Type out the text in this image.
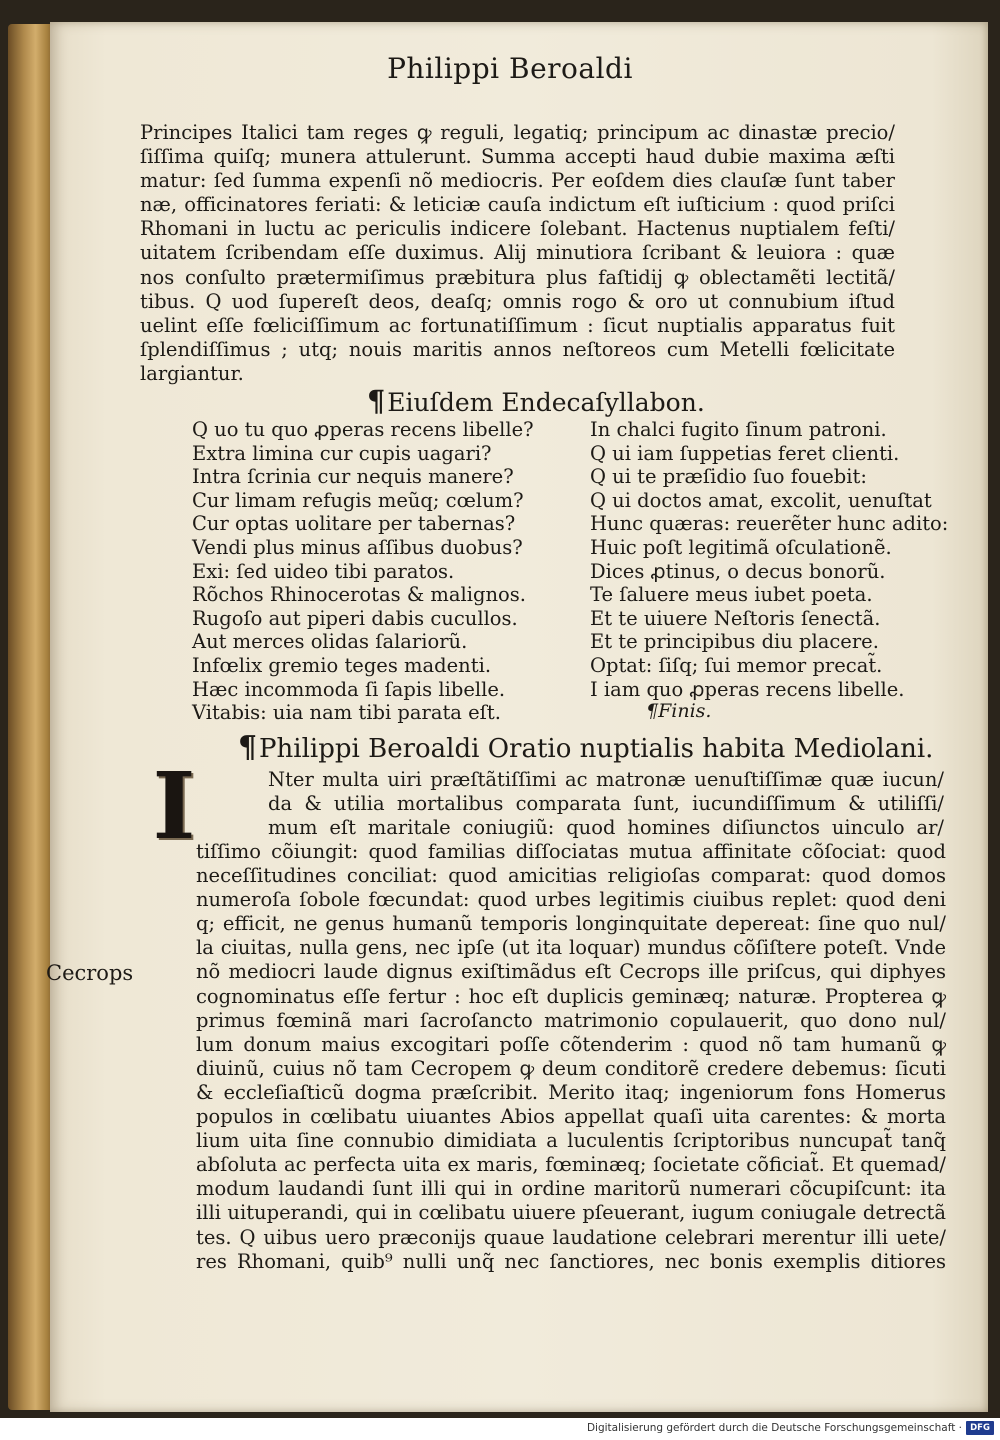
Philippi Beroaldi
Principes Italici tam reges ꝙ reguli, legatiq; principum ac dinastæ precio/
ſiſſima quiſq; munera attulerunt. Summa accepti haud dubie maxima æſti
matur: ſed ſumma expenſi nõ mediocris. Per eoſdem dies clauſæ ſunt taber
næ, officinatores feriati: & leticiæ cauſa indictum eſt iuſticium : quod priſci
Rhomani in luctu ac periculis indicere ſolebant. Hactenus nuptialem feſti/
uitatem ſcribendam eſſe duximus. Alij minutiora ſcribant & leuiora : quæ
nos conſulto prætermiſimus præbitura plus faſtidij ꝙ oblectamẽti lectitã/
tibus. Q uod ſupereſt deos, deaſq; omnis rogo & oro ut connubium iſtud
uelint eſſe fœliciſſimum ac fortunatiſſimum : ſicut nuptialis apparatus fuit
ſplendiſſimus ; utq; nouis maritis annos neſtoreos cum Metelli fœlicitate
largiantur.
¶Eiuſdem Endecaſyllabon.
Q uo tu quo ꝓperas recens libelle?
Extra limina cur cupis uagari?
Intra ſcrinia cur nequis manere?
Cur limam refugis meũq; cœlum?
Cur optas uolitare per tabernas?
Vendi plus minus aſſibus duobus?
Exi: ſed uideo tibi paratos.
Rõchos Rhinocerotas & malignos.
Rugoſo aut piperi dabis cucullos.
Aut merces olidas ſalariorũ.
Infœlix gremio teges madenti.
Hæc incommoda ſi ſapis libelle.
Vitabis: uia nam tibi parata eſt.
In chalci fugito ſinum patroni.
Q ui iam ſuppetias feret clienti.
Q ui te præſidio ſuo fouebit:
Q ui doctos amat, excolit, uenuſtat
Hunc quæras: reuerẽter hunc adito:
Huic poſt legitimã oſculationẽ.
Dices ꝓtinus, o decus bonorũ.
Te ſaluere meus iubet poeta.
Et te uiuere Neſtoris ſenectã.
Et te principibus diu placere.
Optat: ſiſq; ſui memor precat̃.
I iam quo ꝓperas recens libelle.

¶Finis.

¶Philippi Beroaldi Oratio nuptialis habita Mediolani.
I	Nter multa uiri præſtãtiſſimi ac matronæ uenuſtiſſimæ quæ iucun/
da & utilia mortalibus comparata ſunt, iucundiſſimum & utiliſſi/
mum eſt maritale coniugiũ: quod homines diſiunctos uinculo ar/
tiſſimo cõiungit: quod familias diſſociatas mutua affinitate cõſociat: quod
neceſſitudines conciliat: quod amicitias religioſas comparat: quod domos
numeroſa ſobole fœcundat: quod urbes legitimis ciuibus replet: quod deni
q; efficit, ne genus humanũ temporis longinquitate depereat: ſine quo nul/
la ciuitas, nulla gens, nec ipſe (ut ita loquar) mundus cõſiſtere poteſt. Vnde
nõ mediocri laude dignus exiſtimãdus eſt Cecrops ille priſcus, qui diphyes
cognominatus eſſe fertur : hoc eſt duplicis geminæq; naturæ. Propterea ꝙ
primus fœminã mari ſacroſancto matrimonio copulauerit, quo dono nul/
lum donum maius excogitari poſſe cõtenderim : quod nõ tam humanũ ꝙ
diuinũ, cuius nõ tam Cecropem ꝙ deum conditorẽ credere debemus: ſicuti
& eccleſiaſticũ dogma præſcribit. Merito itaq; ingeniorum fons Homerus
populos in cœlibatu uiuantes Abios appellat quaſi uita carentes: & morta
lium uita ſine connubio dimidiata a luculentis ſcriptoribus nuncupat̃ tanq̃
abſoluta ac perfecta uita ex maris, fœminæq; ſocietate cõficiat̃. Et quemad/
modum laudandi ſunt illi qui in ordine maritorũ numerari cõcupiſcunt: ita
illi uituperandi, qui in cœlibatu uiuere pſeuerant, iugum coniugale detrectã
tes. Q uibus uero præconijs quaue laudatione celebrari merentur illi uete/
res Rhomani, quib⁹ nulli unq̃ nec ſanctiores, nec bonis exemplis ditiores

Cecrops

Digitalisierung gefördert durch die Deutsche Forschungsgemeinschaft · DFG
